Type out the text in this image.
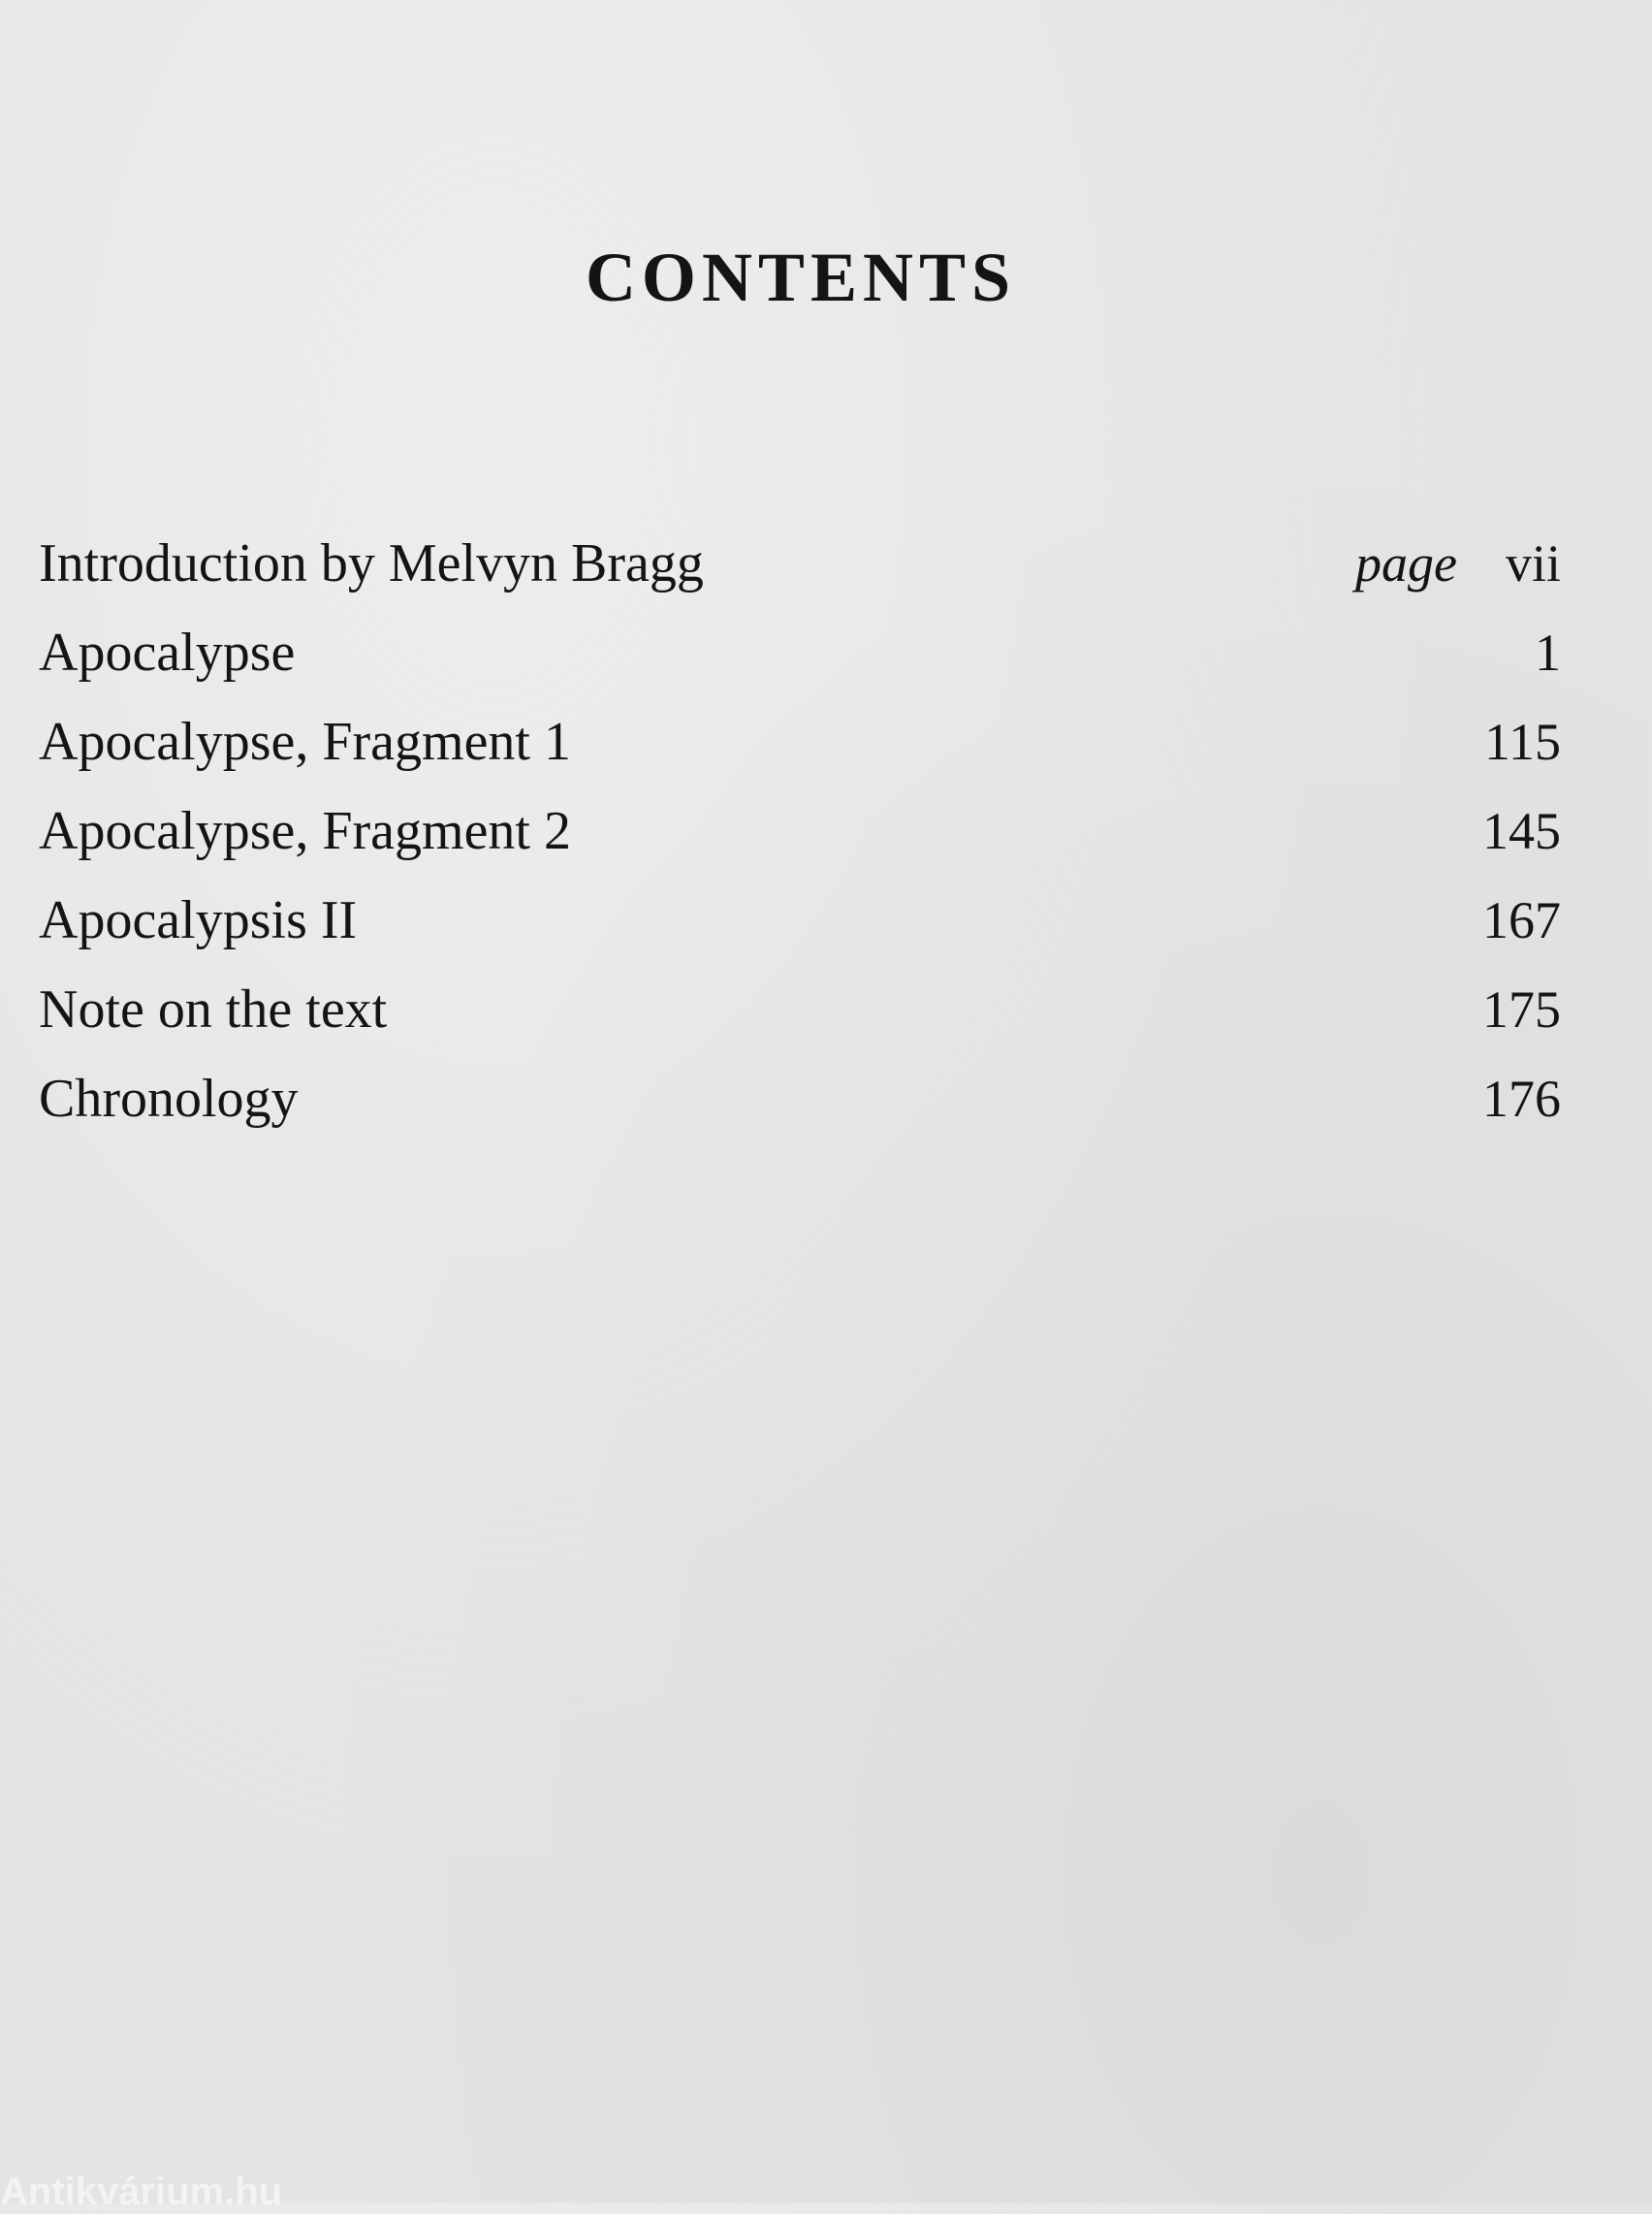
CONTENTS
Introduction by Melvyn Bragg	page vii
Apocalypse	1
Apocalypse, Fragment 1	115
Apocalypse, Fragment 2	145
Apocalypsis II	167
Note on the text	175
Chronology	176
Antikvárium.hu
